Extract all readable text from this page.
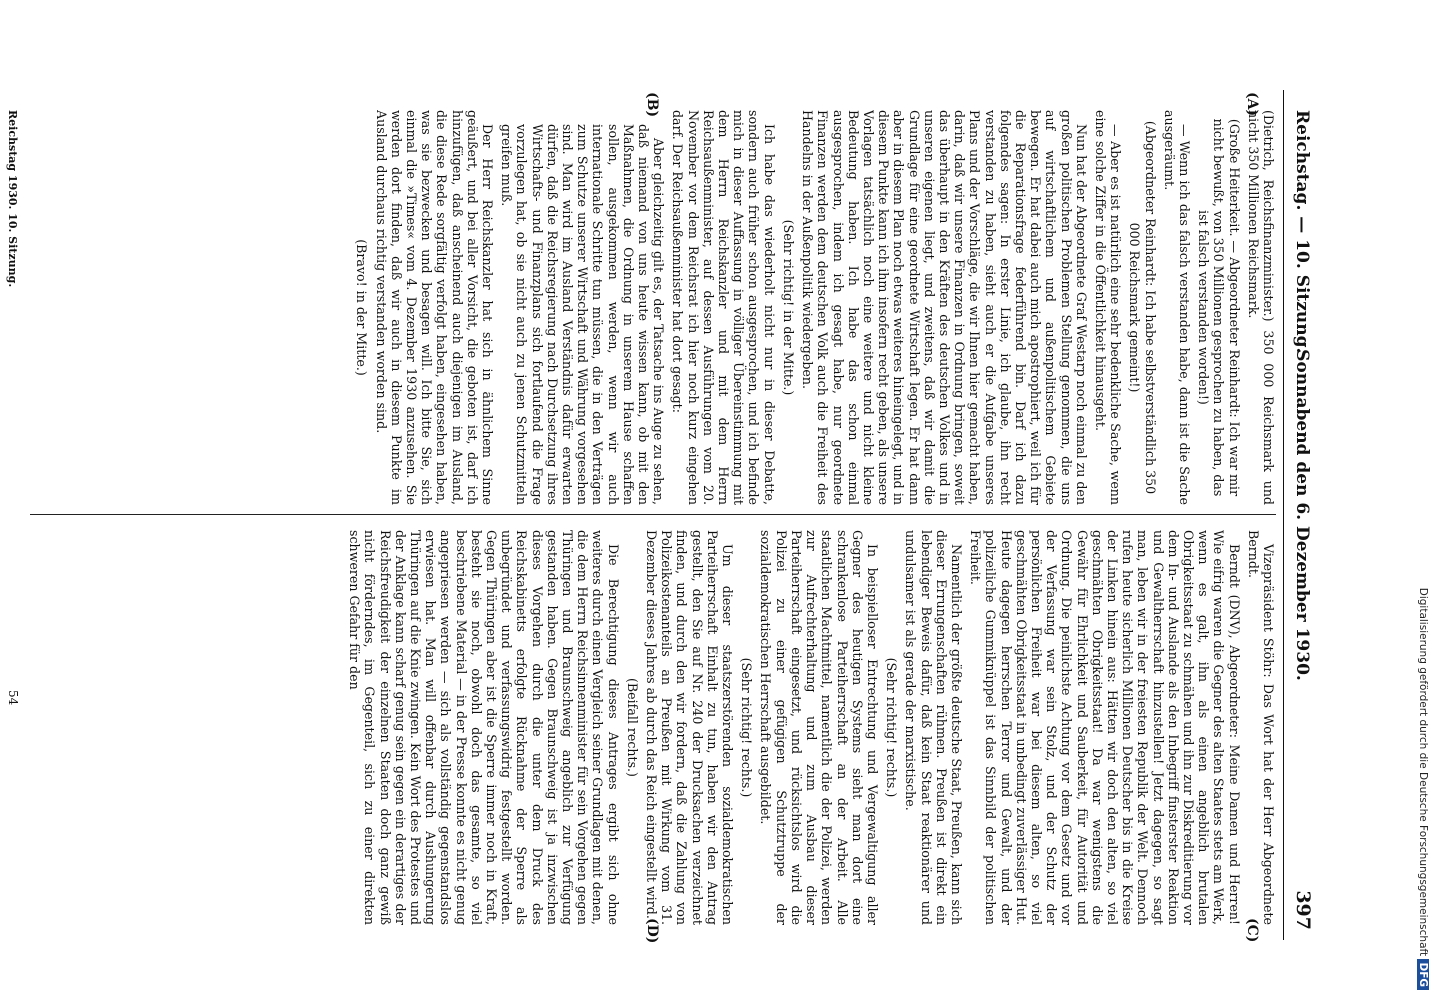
Reichstag. — 10. Sitzung.
Sonnabend den 6. Dezember 1930.
397
(A)
(B)
(C)
(D)

(Dietrich, Reichsfinanzminister.) 350 000 Reichsmark und nicht 350 Millionen Reichsmark.

(Große Heiterkeit. — Abgeordneter Reinhardt: Ich war mir nicht bewußt, von 350 Millionen gesprochen zu haben, das ist falsch verstanden worden!)

— Wenn ich das falsch verstanden habe, dann ist die Sache ausgeräumt.

(Abgeordneter Reinhardt: Ich habe selbstverständlich 350 000 Reichsmark gemeint!)

— Aber es ist natürlich eine sehr bedenkliche Sache, wenn eine solche Ziffer in die Öffentlichkeit hinausgeht.

Nun hat der Abgeordnete Graf Westarp noch einmal zu den großen politischen Problemen Stellung genommen, die uns auf wirtschaftlichem und außenpolitischem Gebiete bewegen. Er hat dabei auch mich apostrophiert, weil ich für die Reparationsfrage federführend bin. Darf ich dazu folgendes sagen: In erster Linie, ich glaube, ihn recht verstanden zu haben, sieht auch er die Aufgabe unseres Plans und der Vorschläge, die wir Ihnen hier gemacht haben, darin, daß wir unsere Finanzen in Ordnung bringen, soweit das überhaupt in den Kräften des deutschen Volkes und in unseren eigenen liegt, und zweitens, daß wir damit die Grundlage für eine geordnete Wirtschaft legen. Er hat dann aber in diesem Plan noch etwas weiteres hineingelegt, und in diesem Punkte kann ich ihm insofern recht geben, als unsere Vorlagen tatsächlich noch eine weitere und nicht kleine Bedeutung haben. Ich habe das schon einmal ausgesprochen, indem ich gesagt habe, nur geordnete Finanzen werden dem deutschen Volk auch die Freiheit des Handelns in der Außenpolitik wiedergeben.

(Sehr richtig! in der Mitte.)

Ich habe das wiederholt nicht nur in dieser Debatte, sondern auch früher schon ausgesprochen, und ich befinde mich in dieser Auffassung in völliger Übereinstimmung mit dem Herrn Reichskanzler und mit dem Herrn Reichsaußenminister, auf dessen Ausführungen vom 20. November vor dem Reichsrat ich hier noch kurz eingehen darf. Der Reichsaußenminister hat dort gesagt:

Aber gleichzeitig gilt es, der Tatsache ins Auge zu sehen, daß niemand von uns heute wissen kann, ob mit den Maßnahmen, die Ordnung in unserem Hause schaffen sollen, ausgekommen werden, wenn wir auch internationale Schritte tun müssen, die in den Verträgen zum Schutze unserer Wirtschaft und Währung vorgesehen sind. Man wird im Ausland Verständnis dafür erwarten dürfen, daß die Reichsregierung nach Durchsetzung ihres Wirtschafts- und Finanzplans sich fortlaufend die Frage vorzulegen hat, ob sie nicht auch zu jenen Schutzmitteln greifen muß.

Der Herr Reichskanzler hat sich in ähnlichem Sinne geäußert, und bei aller Vorsicht, die geboten ist, darf ich hinzufügen, daß anscheinend auch diejenigen im Ausland, die diese Rede sorgfältig verfolgt haben, eingesehen haben, was sie bezwecken und besagen will. Ich bitte Sie, sich einmal die »Times« vom 4. Dezember 1930 anzusehen. Sie werden dort finden, daß wir auch in diesem Punkte im Ausland durchaus richtig verstanden worden sind.

(Bravo! in der Mitte.)

Vizepräsident Stöhr: Das Wort hat der Herr Abgeordnete Berndt.

Berndt (DNV), Abgeordneter: Meine Damen und Herren! Wie eifrig waren die Gegner des alten Staates stets am Werk, wenn es galt, ihn als einen angeblich brutalen Obrigkeitsstaat zu schmähen und ihn zur Diskreditierung vor dem In- und Auslande als den Inbegriff finsterster Reaktion und Gewaltherrschaft hinzustellen! Jetzt dagegen, so sagt man, leben wir in der freiesten Republik der Welt. Dennoch rufen heute sicherlich Millionen Deutscher bis in die Kreise der Linken hinein aus: Hätten wir doch den alten, so viel geschmähten Obrigkeitsstaat! Da war wenigstens die Gewähr für Ehrlichkeit und Sauberkeit, für Autorität und Ordnung. Die peinlichste Achtung vor dem Gesetz und vor der Verfassung war sein Stolz, und der Schutz der persönlichen Freiheit war bei diesem alten, so viel geschmähten Obrigkeitsstaat in unbedingt zuverlässiger Hut. Heute dagegen herrschen Terror und Gewalt, und der polizeiliche Gummiknüppel ist das Sinnbild der politischen Freiheit.

Namentlich der größte deutsche Staat, Preußen, kann sich dieser Errungenschaften rühmen. Preußen ist direkt ein lebendiger Beweis dafür, daß kein Staat reaktionärer und undulsamer ist als gerade der marxistische.

(Sehr richtig! rechts.)

In beispielloser Entrechtung und Vergewaltigung aller Gegner des heutigen Systems sieht man dort eine schrankenlose Parteiherrschaft an der Arbeit. Alle staatlichen Machtmittel, namentlich die der Polizei, werden zur Aufrechterhaltung und zum Ausbau dieser Parteiherrschaft eingesetzt, und rücksichtslos wird die Polizei zu einer gefügigen Schutztruppe der sozialdemokratischen Herrschaft ausgebildet.

(Sehr richtig! rechts.)

Um dieser staatszerstörenden sozialdemokratischen Parteiherrschaft Einhalt zu tun, haben wir den Antrag gestellt, den Sie auf Nr. 240 der Drucksachen verzeichnet finden, und durch den wir fordern, daß die Zahlung von Polizeikostenanteils an Preußen mit Wirkung vom 31. Dezember dieses Jahres ab durch das Reich eingestellt wird.

(Beifall rechts.)

Die Berechtigung dieses Antrages ergibt sich ohne weiteres durch einen Vergleich seiner Grundlagen mit denen, die dem Herrn Reichsinnenminister für sein Vorgehen gegen Thüringen und Braunschweig angeblich zur Verfügung gestanden haben. Gegen Braunschweig ist ja inzwischen dieses Vorgehen durch die unter dem Druck des Reichskabinetts erfolgte Rücknahme der Sperre als unbegründet und verfassungswidrig festgestellt worden. Gegen Thüringen aber ist die Sperre immer noch in Kraft, besteht sie noch, obwohl doch das gesamte, so viel beschriebene Material — in der Presse konnte es nicht genug angepriesen werden — sich als vollständig gegenstandslos erwiesen hat. Man will offenbar durch Aushungerung Thüringen auf die Knie zwingen. Kein Wort des Protestes und der Anklage kann scharf genug sein gegen ein derartiges der Reichsfreudigkeit der einzelnen Staaten doch ganz gewiß nicht förderndes, im Gegenteil, sich zu einer direkten schweren Gefahr für den

Reichstag 1930. 10. Sitzung.
54	Digitalisierung gefördert durch die Deutsche Forschungsgemeinschaft DFG
